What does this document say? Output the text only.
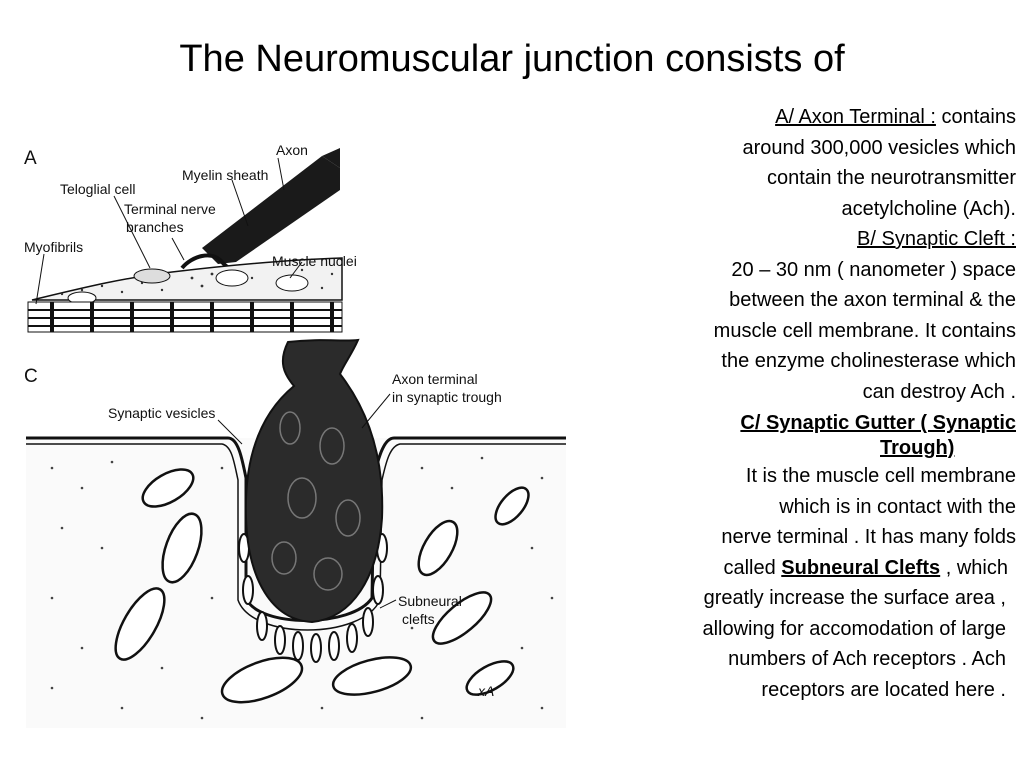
The Neuromuscular junction consists of
A	Axon
Myelin sheath
Teloglial cell
Terminal nerve
branches
Myofibrils
Muscle nuclei
C	Axon terminal
in synaptic trough
Synaptic vesicles
Subneural
clefts
xA

A/ Axon Terminal : contains

around 300,000 vesicles which

contain the neurotransmitter

acetylcholine (Ach).

B/ Synaptic Cleft :

20 – 30 nm ( nanometer ) space

between the axon terminal & the

muscle cell membrane. It contains

the enzyme cholinesterase which

can destroy Ach .

C/ Synaptic Gutter ( Synaptic

Trough)

It is the muscle cell membrane

which is in contact with the

nerve terminal . It has many folds

called Subneural Clefts , which

greatly increase the surface area ,

allowing for accomodation of large

numbers of Ach receptors . Ach

receptors are located here .
